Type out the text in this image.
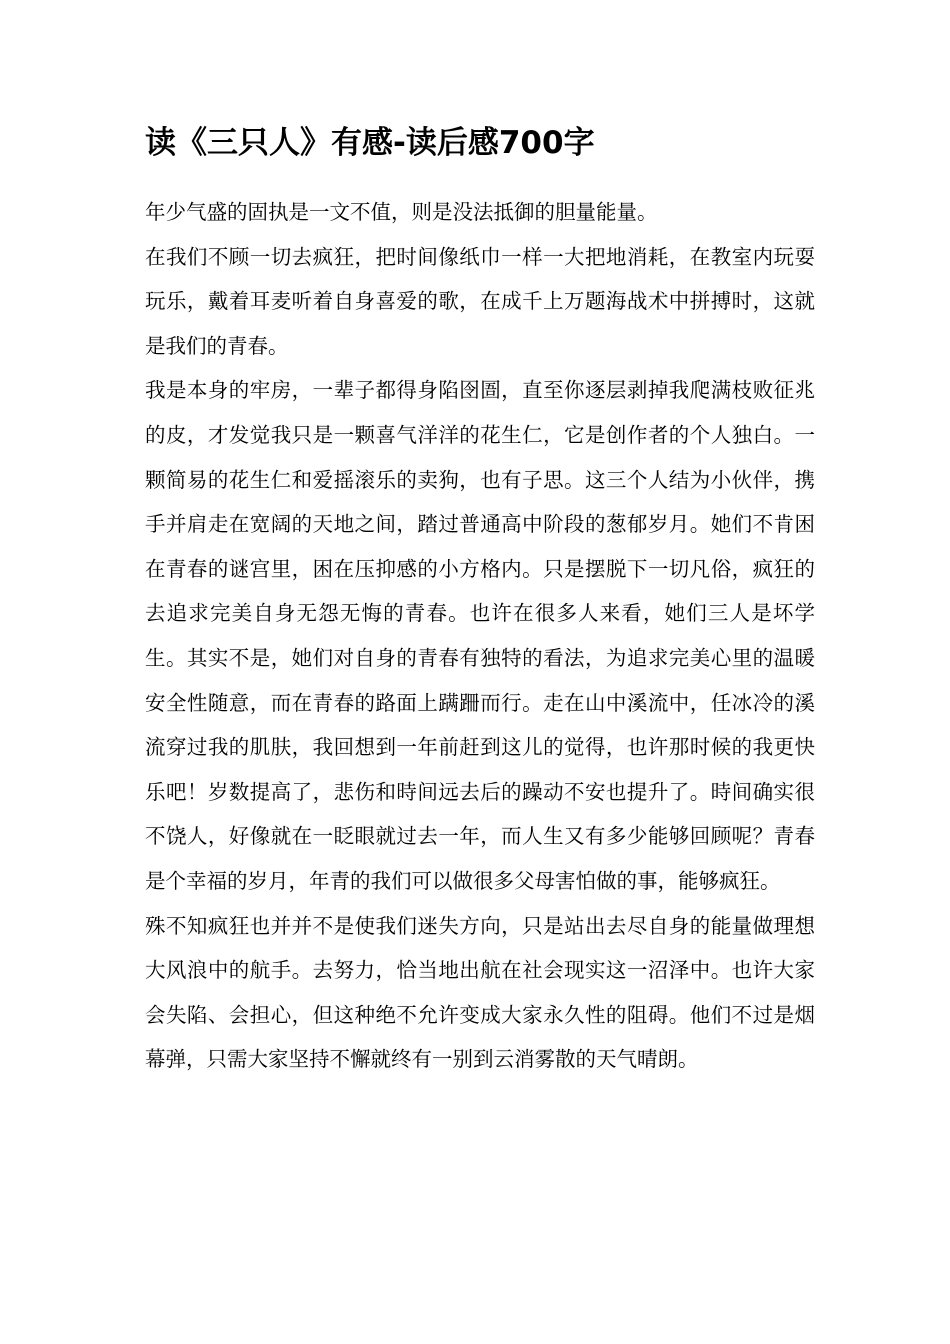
读《三只人》有感-读后感700字

年少气盛的固执是一文不值，则是没法抵御的胆量能量。

在我们不顾一切去疯狂，把时间像纸巾一样一大把地消耗，在教室内玩耍玩乐，戴着耳麦听着自身喜爱的歌，在成千上万题海战术中拼搏时，这就是我们的青春。

我是本身的牢房，一辈子都得身陷囹圄，直至你逐层剥掉我爬满枝败征兆的皮，才发觉我只是一颗喜气洋洋的花生仁，它是创作者的个人独白。一颗简易的花生仁和爱摇滚乐的卖狗，也有子思。这三个人结为小伙伴，携手并肩走在宽阔的天地之间，踏过普通高中阶段的葱郁岁月。她们不肯困在青春的谜宫里，困在压抑感的小方格内。只是摆脱下一切凡俗，疯狂的去追求完美自身无怨无悔的青春。也许在很多人来看，她们三人是坏学生。其实不是，她们对自身的青春有独特的看法，为追求完美心里的温暖安全性随意，而在青春的路面上蹒跚而行。走在山中溪流中，任冰冷的溪流穿过我的肌肤，我回想到一年前赶到这儿的觉得，也许那时候的我更快乐吧！岁数提高了，悲伤和時间远去后的躁动不安也提升了。時间确实很不饶人，好像就在一眨眼就过去一年，而人生又有多少能够回顾呢？青春是个幸福的岁月，年青的我们可以做很多父母害怕做的事，能够疯狂。

殊不知疯狂也并并不是使我们迷失方向，只是站出去尽自身的能量做理想大风浪中的航手。去努力，恰当地出航在社会现实这一沼泽中。也许大家会失陷、会担心，但这种绝不允许变成大家永久性的阻碍。他们不过是烟幕弹，只需大家坚持不懈就终有一别到云消雾散的天气晴朗。
